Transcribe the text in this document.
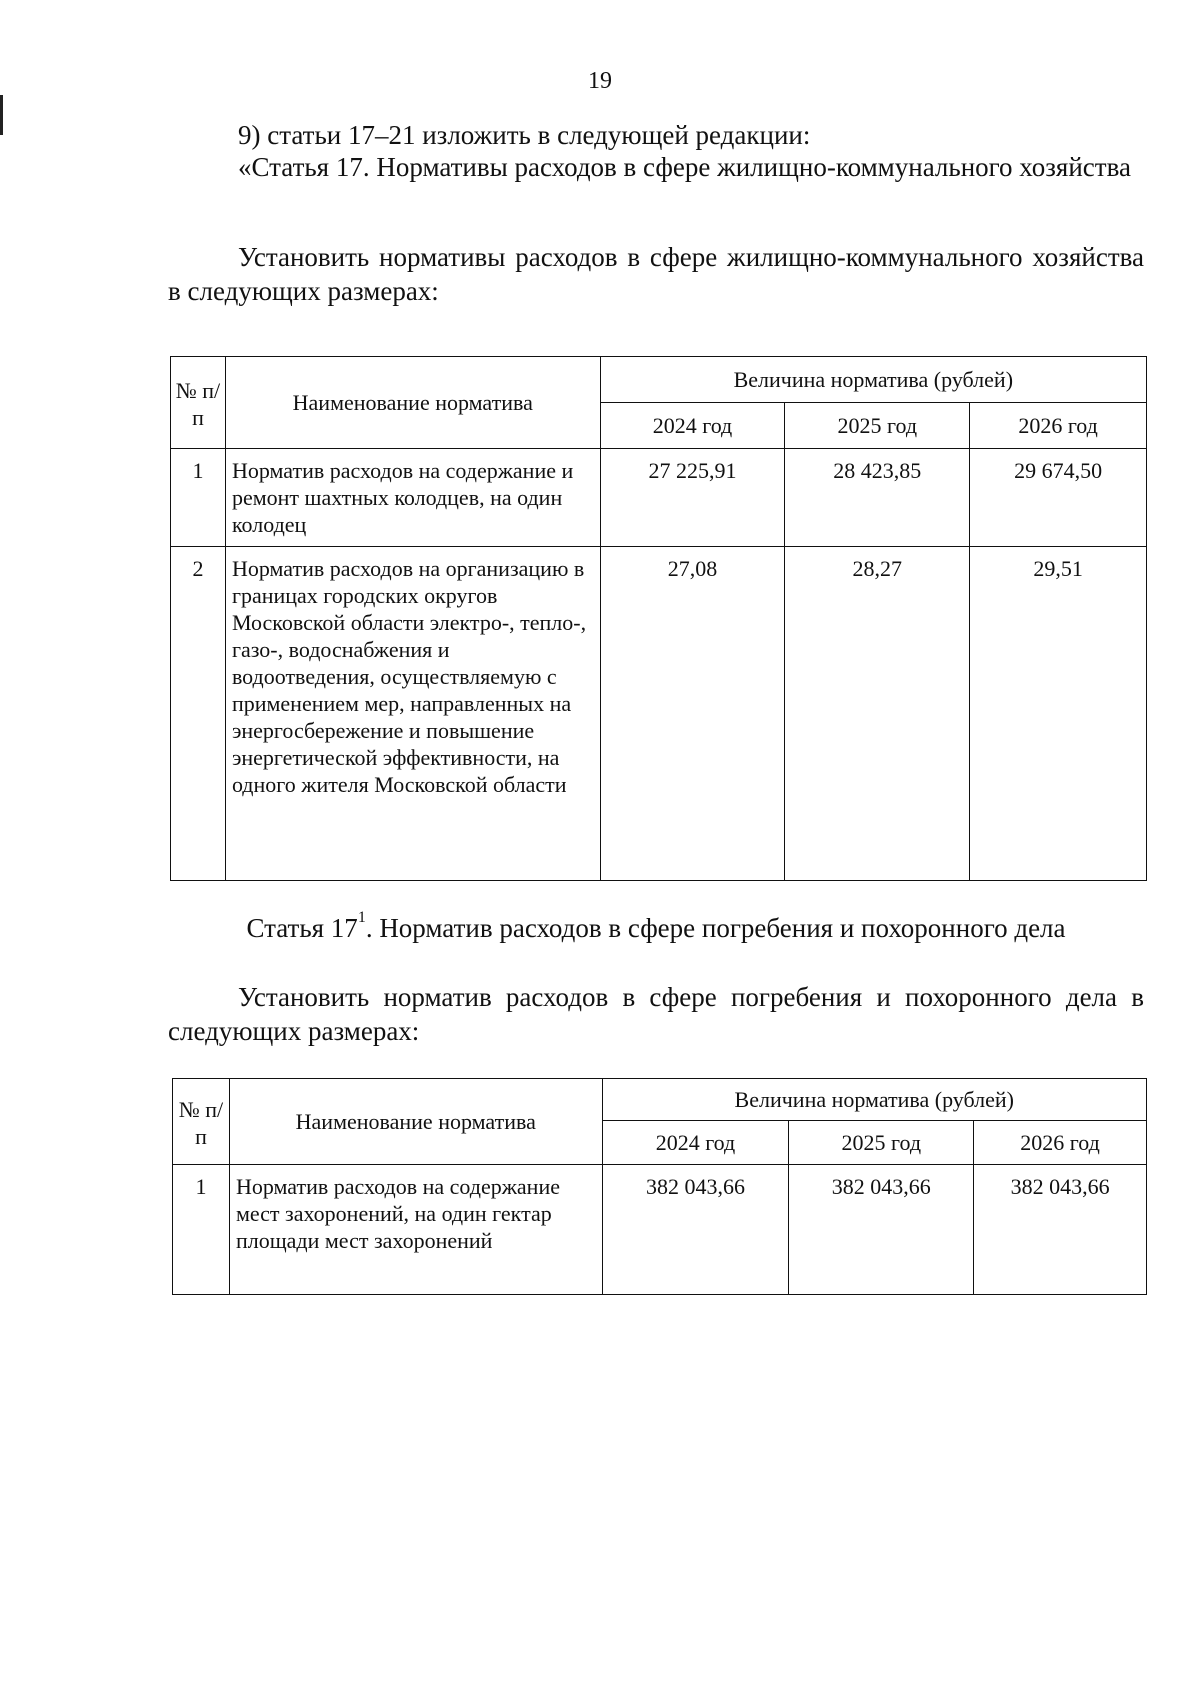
19
9) статьи 17–21 изложить в следующей редакции:
«Статья 17. Нормативы расходов в сфере жилищно-коммунального хозяйства
Установить нормативы расходов в сфере жилищно-коммунального хозяйства в следующих размерах:
№ п/п	Наименование норматива	Величина норматива (рублей)		
		2024 год	2025 год	2026 год
1	Норматив расходов на содержание и ремонт шахтных колодцев, на один колодец	27 225,91	28 423,85	29 674,50
2	Норматив расходов на организацию в границах городских округов Московской области электро-, тепло-, газо-, водоснабжения и водоотведения, осуществляемую с применением мер, направленных на энергосбережение и повышение энергетической эффективности, на одного жителя Московской области	27,08	28,27	29,51
Статья $17^1$. Норматив расходов в сфере погребения и похоронного дела
Установить норматив расходов в сфере погребения и похоронного дела в следующих размерах:
№ п/п	Наименование норматива	Величина норматива (рублей)		
		2024 год	2025 год	2026 год
1	Норматив расходов на содержание мест захоронений, на один гектар площади мест захоронений	382 043,66	382 043,66	382 043,66
